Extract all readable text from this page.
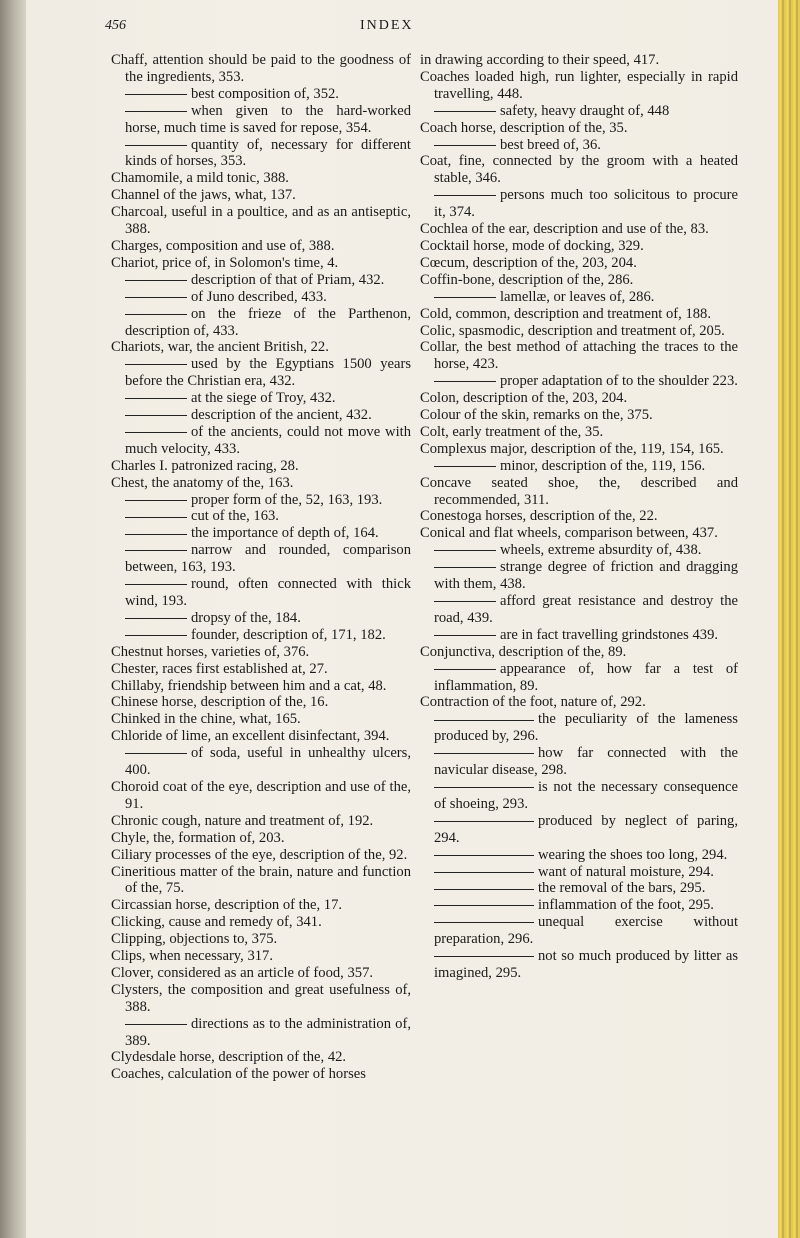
456	INDEX

Chaff, attention should be paid to the goodness of the ingredients, 353.

best composition of, 352.

when given to the hard-worked horse, much time is saved for repose, 354.

quantity of, necessary for different kinds of horses, 353.

Chamomile, a mild tonic, 388.

Channel of the jaws, what, 137.

Charcoal, useful in a poultice, and as an antiseptic, 388.

Charges, composition and use of, 388.

Chariot, price of, in Solomon's time, 4.

description of that of Priam, 432.

of Juno described, 433.

on the frieze of the Parthenon, description of, 433.

Chariots, war, the ancient British, 22.

used by the Egyptians 1500 years before the Christian era, 432.

at the siege of Troy, 432.

description of the ancient, 432.

of the ancients, could not move with much velocity, 433.

Charles I. patronized racing, 28.

Chest, the anatomy of the, 163.

proper form of the, 52, 163, 193.

cut of the, 163.

the importance of depth of, 164.

narrow and rounded, comparison between, 163, 193.

round, often connected with thick wind, 193.

dropsy of the, 184.

founder, description of, 171, 182.

Chestnut horses, varieties of, 376.

Chester, races first established at, 27.

Chillaby, friendship between him and a cat, 48.

Chinese horse, description of the, 16.

Chinked in the chine, what, 165.

Chloride of lime, an excellent disinfectant, 394.

of soda, useful in unhealthy ulcers, 400.

Choroid coat of the eye, description and use of the, 91.

Chronic cough, nature and treatment of, 192.

Chyle, the, formation of, 203.

Ciliary processes of the eye, description of the, 92.

Cineritious matter of the brain, nature and function of the, 75.

Circassian horse, description of the, 17.

Clicking, cause and remedy of, 341.

Clipping, objections to, 375.

Clips, when necessary, 317.

Clover, considered as an article of food, 357.

Clysters, the composition and great usefulness of, 388.

directions as to the administration of, 389.

Clydesdale horse, description of the, 42.

Coaches, calculation of the power of horses

in drawing according to their speed, 417.

Coaches loaded high, run lighter, especially in rapid travelling, 448.

safety, heavy draught of, 448

Coach horse, description of the, 35.

best breed of, 36.

Coat, fine, connected by the groom with a heated stable, 346.

persons much too solicitous to procure it, 374.

Cochlea of the ear, description and use of the, 83.

Cocktail horse, mode of docking, 329.

Cœcum, description of the, 203, 204.

Coffin-bone, description of the, 286.

lamellæ, or leaves of, 286.

Cold, common, description and treatment of, 188.

Colic, spasmodic, description and treatment of, 205.

Collar, the best method of attaching the traces to the horse, 423.

proper adaptation of to the shoulder 223.

Colon, description of the, 203, 204.

Colour of the skin, remarks on the, 375.

Colt, early treatment of the, 35.

Complexus major, description of the, 119, 154, 165.

minor, description of the, 119, 156.

Concave seated shoe, the, described and recommended, 311.

Conestoga horses, description of the, 22.

Conical and flat wheels, comparison between, 437.

wheels, extreme absurdity of, 438.

strange degree of friction and dragging with them, 438.

afford great resistance and destroy the road, 439.

are in fact travelling grindstones 439.

Conjunctiva, description of the, 89.

appearance of, how far a test of inflammation, 89.

Contraction of the foot, nature of, 292.

the peculiarity of the lameness produced by, 296.

how far connected with the navicular disease, 298.

is not the necessary consequence of shoeing, 293.

produced by neglect of paring, 294.

wearing the shoes too long, 294.

want of natural moisture, 294.

the removal of the bars, 295.

inflammation of the foot, 295.

unequal exercise without preparation, 296.

not so much produced by litter as imagined, 295.
